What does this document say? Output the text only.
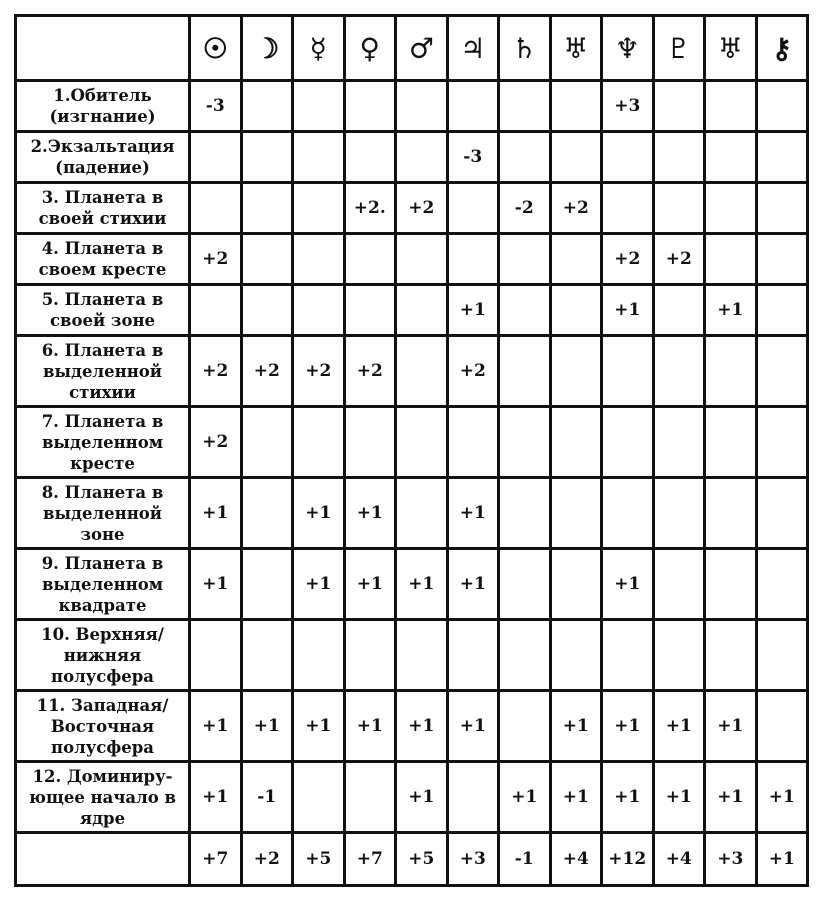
	☉	☽	☿	♀	♂	♃	♄	♅	♆	♇	♅	⚷
1.Обитель
(изгнание)	-3								+3			
2.Экзальтация
(падение)						-3						
3. Планета в
своей стихии				+2.	+2		-2	+2				
4. Планета в
своем кресте	+2								+2	+2		
5. Планета в
своей зоне						+1			+1		+1	
6. Планета в
выделенной
стихии	+2	+2	+2	+2		+2						
7. Планета в
выделенном
кресте	+2											
8. Планета в
выделенной
зоне	+1		+1	+1		+1						
9. Планета в
выделенном
квадрате	+1		+1	+1	+1	+1			+1			
10. Верхняя/
нижняя
полусфера												
11. Западная/
Восточная
полусфера	+1	+1	+1	+1	+1	+1		+1	+1	+1	+1	
12. Доминиру-
ющее начало в
ядре	+1	-1			+1		+1	+1	+1	+1	+1	+1
	+7	+2	+5	+7	+5	+3	-1	+4	+12	+4	+3	+1
